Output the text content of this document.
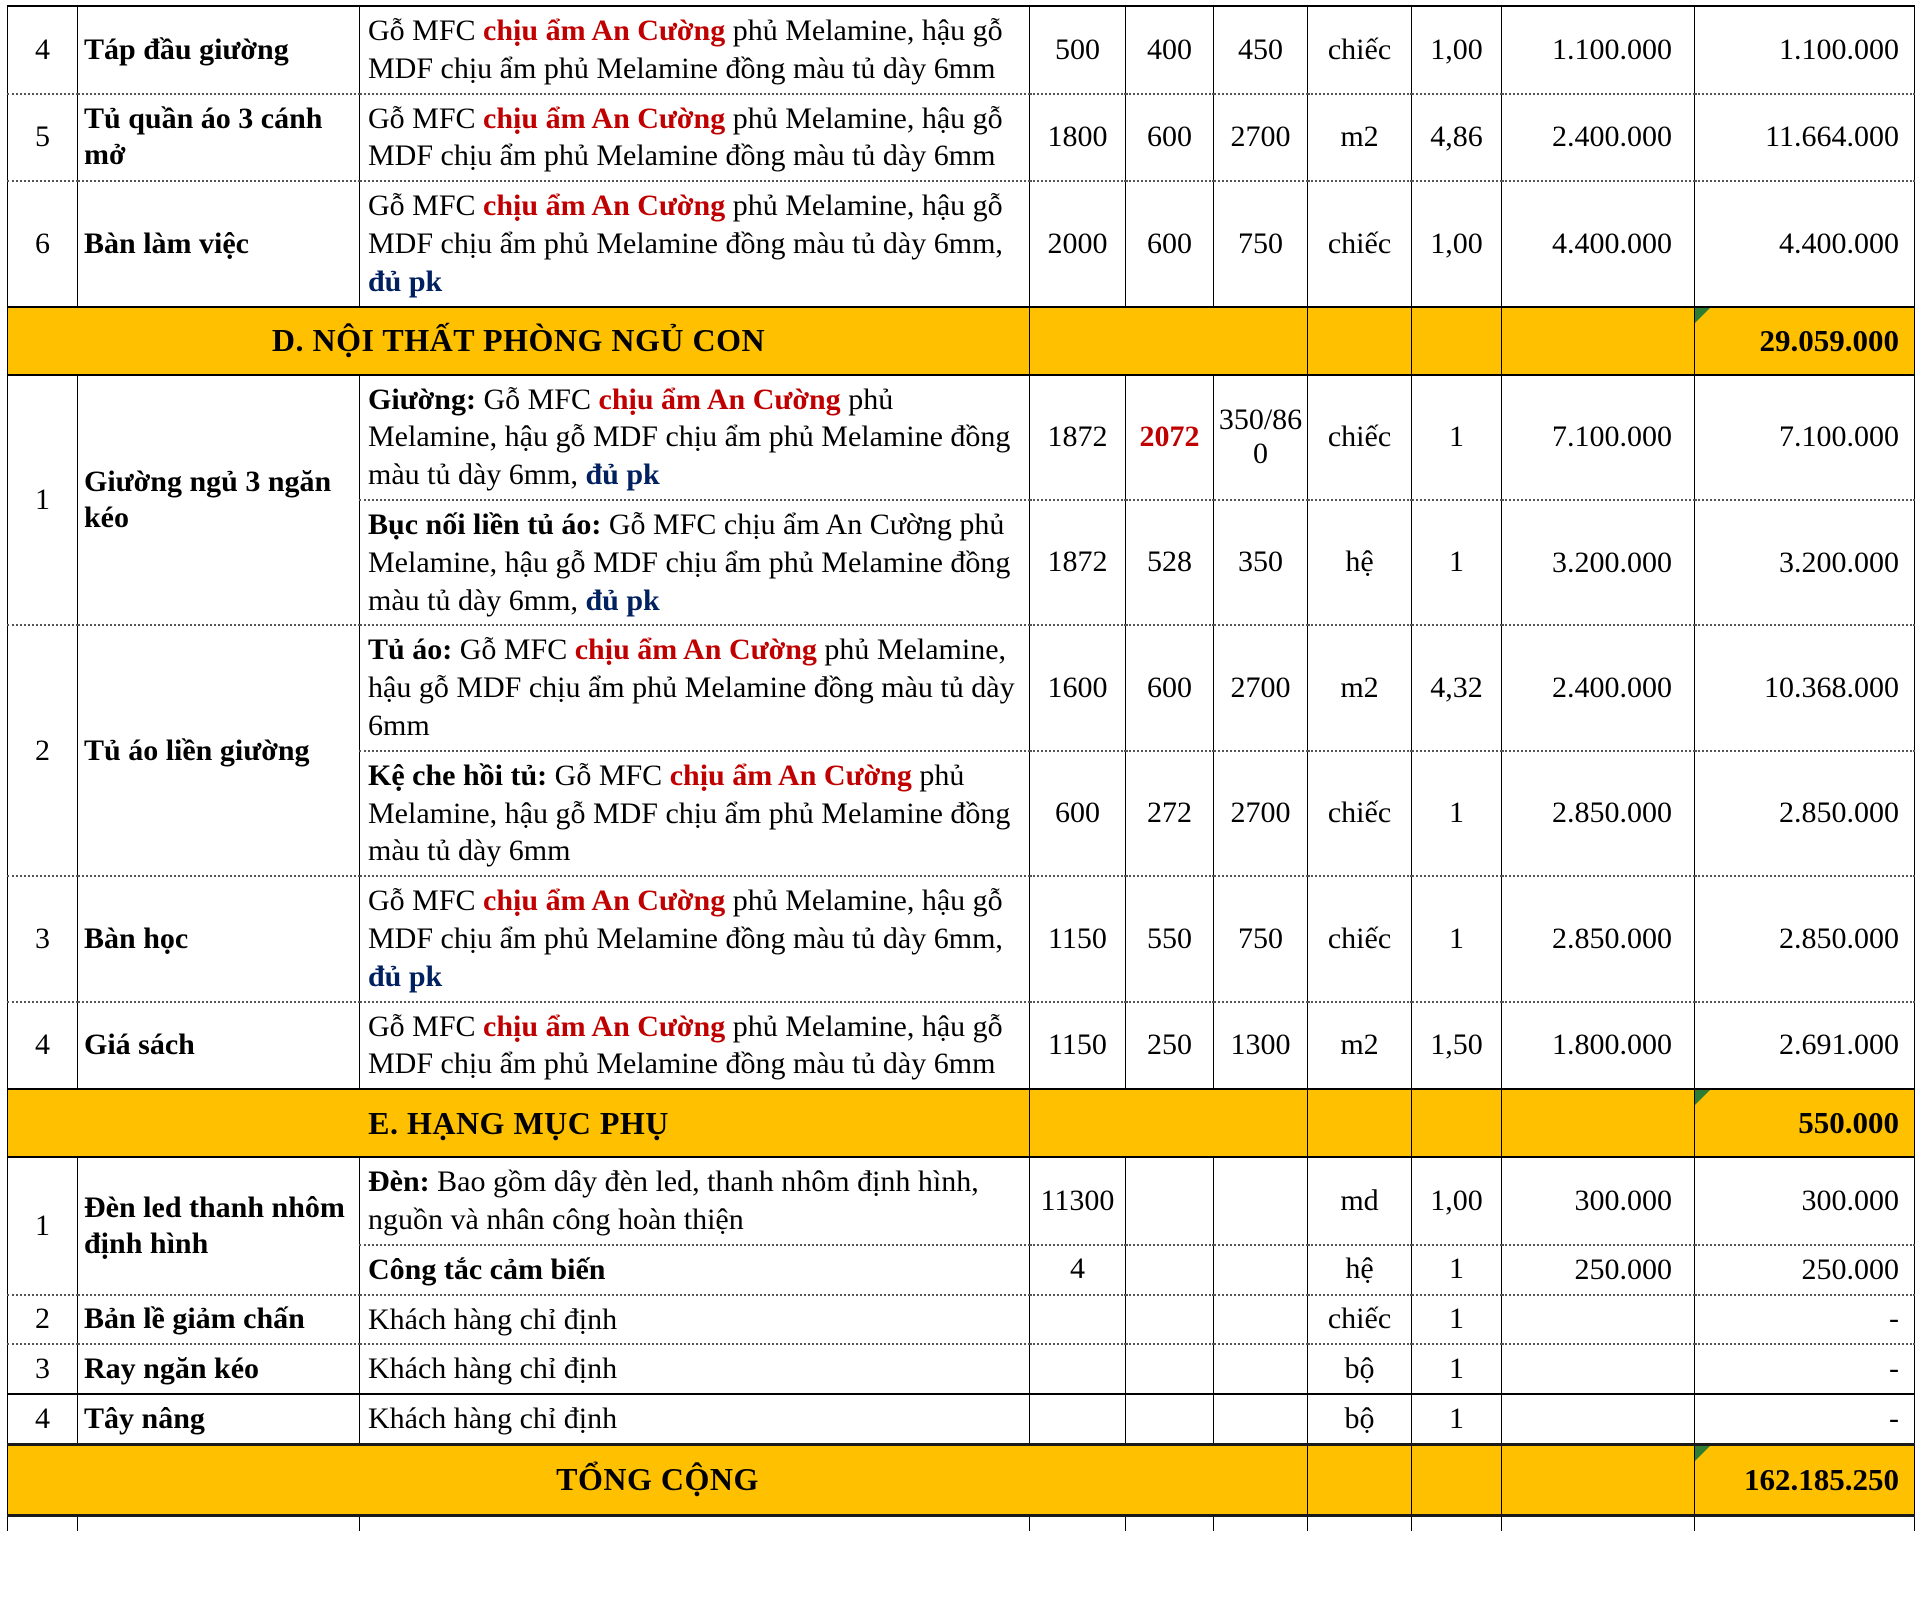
4	Táp đầu giường	Gỗ MFC chịu ẩm An Cường phủ Melamine, hậu gỗ MDF chịu ẩm phủ Melamine đồng màu tủ dày 6mm	500	400	450	chiếc	1,00	1.100.000	1.100.000
5	Tủ quần áo 3 cánh mở	Gỗ MFC chịu ẩm An Cường phủ Melamine, hậu gỗ MDF chịu ẩm phủ Melamine đồng màu tủ dày 6mm	1800	600	2700	m2	4,86	2.400.000	11.664.000
6	Bàn làm việc	Gỗ MFC chịu ẩm An Cường phủ Melamine, hậu gỗ MDF chịu ẩm phủ Melamine đồng màu tủ dày 6mm, đủ pk	2000	600	750	chiếc	1,00	4.400.000	4.400.000
D. NỘI THẤT PHÒNG NGỦ CON									29.059.000
1	Giường ngủ 3 ngăn kéo	Giường: Gỗ MFC chịu ẩm An Cường phủ Melamine, hậu gỗ MDF chịu ẩm phủ Melamine đồng màu tủ dày 6mm, đủ pk	1872	2072	350/860	chiếc	1	7.100.000	7.100.000
		Bục nối liền tủ áo: Gỗ MFC chịu ẩm An Cường phủ Melamine, hậu gỗ MDF chịu ẩm phủ Melamine đồng màu tủ dày 6mm, đủ pk	1872	528	350	hệ	1	3.200.000	3.200.000
2	Tủ áo liền giường	Tủ áo: Gỗ MFC chịu ẩm An Cường phủ Melamine, hậu gỗ MDF chịu ẩm phủ Melamine đồng màu tủ dày 6mm	1600	600	2700	m2	4,32	2.400.000	10.368.000
		Kệ che hồi tủ: Gỗ MFC chịu ẩm An Cường phủ Melamine, hậu gỗ MDF chịu ẩm phủ Melamine đồng màu tủ dày 6mm	600	272	2700	chiếc	1	2.850.000	2.850.000
3	Bàn học	Gỗ MFC chịu ẩm An Cường phủ Melamine, hậu gỗ MDF chịu ẩm phủ Melamine đồng màu tủ dày 6mm, đủ pk	1150	550	750	chiếc	1	2.850.000	2.850.000
4	Giá sách	Gỗ MFC chịu ẩm An Cường phủ Melamine, hậu gỗ MDF chịu ẩm phủ Melamine đồng màu tủ dày 6mm	1150	250	1300	m2	1,50	1.800.000	2.691.000
E. HẠNG MỤC PHỤ									550.000
1	Đèn led thanh nhôm định hình	Đèn: Bao gồm dây đèn led, thanh nhôm định hình, nguồn và nhân công hoàn thiện	11300			md	1,00	300.000	300.000
		Công tắc cảm biến	4			hệ	1	250.000	250.000
2	Bản lề giảm chấn	Khách hàng chỉ định				chiếc	1		-
3	Ray ngăn kéo	Khách hàng chỉ định				bộ	1		-
4	Tây nâng	Khách hàng chỉ định				bộ	1		-
TỔNG CỘNG									162.185.250
